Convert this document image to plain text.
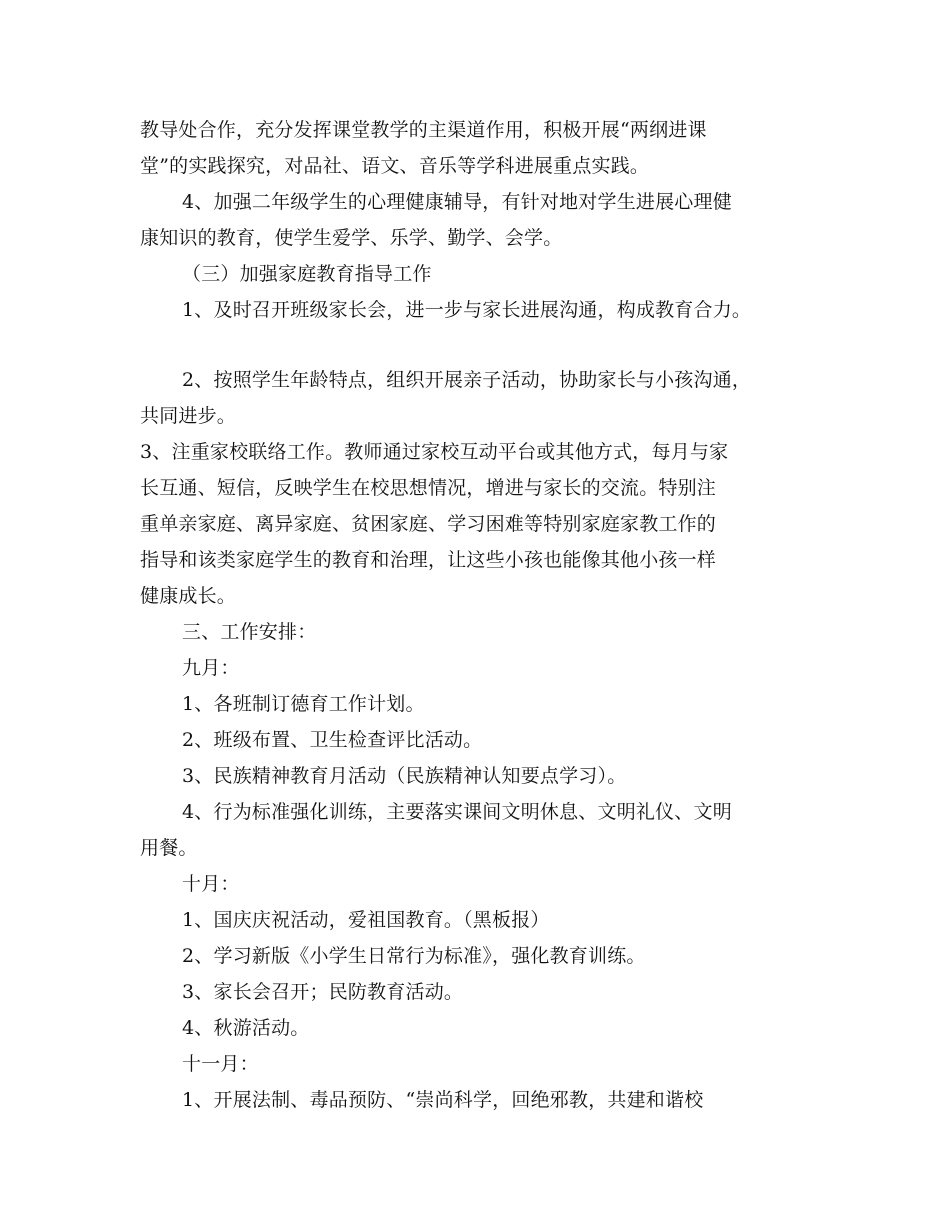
教导处合作，充分发挥课堂教学的主渠道作用，积极开展“两纲进课
堂”的实践探究，对品社、语文、音乐等学科进展重点实践。
4、加强二年级学生的心理健康辅导，有针对地对学生进展心理健
康知识的教育，使学生爱学、乐学、勤学、会学。
（三）加强家庭教育指导工作
1、及时召开班级家长会，进一步与家长进展沟通，构成教育合力。
2、按照学生年龄特点，组织开展亲子活动，协助家长与小孩沟通，
共同进步。
3、注重家校联络工作。教师通过家校互动平台或其他方式，每月与家
长互通、短信，反映学生在校思想情况，增进与家长的交流。特别注
重单亲家庭、离异家庭、贫困家庭、学习困难等特别家庭家教工作的
指导和该类家庭学生的教育和治理，让这些小孩也能像其他小孩一样
健康成长。
三、工作安排：
九月：
1、各班制订德育工作计划。
2、班级布置、卫生检查评比活动。
3、民族精神教育月活动（民族精神认知要点学习）。
4、行为标准强化训练，主要落实课间文明休息、文明礼仪、文明
用餐。
十月：
1、国庆庆祝活动，爱祖国教育。（黑板报）
2、学习新版《小学生日常行为标准》，强化教育训练。
3、家长会召开；民防教育活动。
4、秋游活动。
十一月：
1、开展法制、毒品预防、“崇尚科学，回绝邪教，共建和谐校
